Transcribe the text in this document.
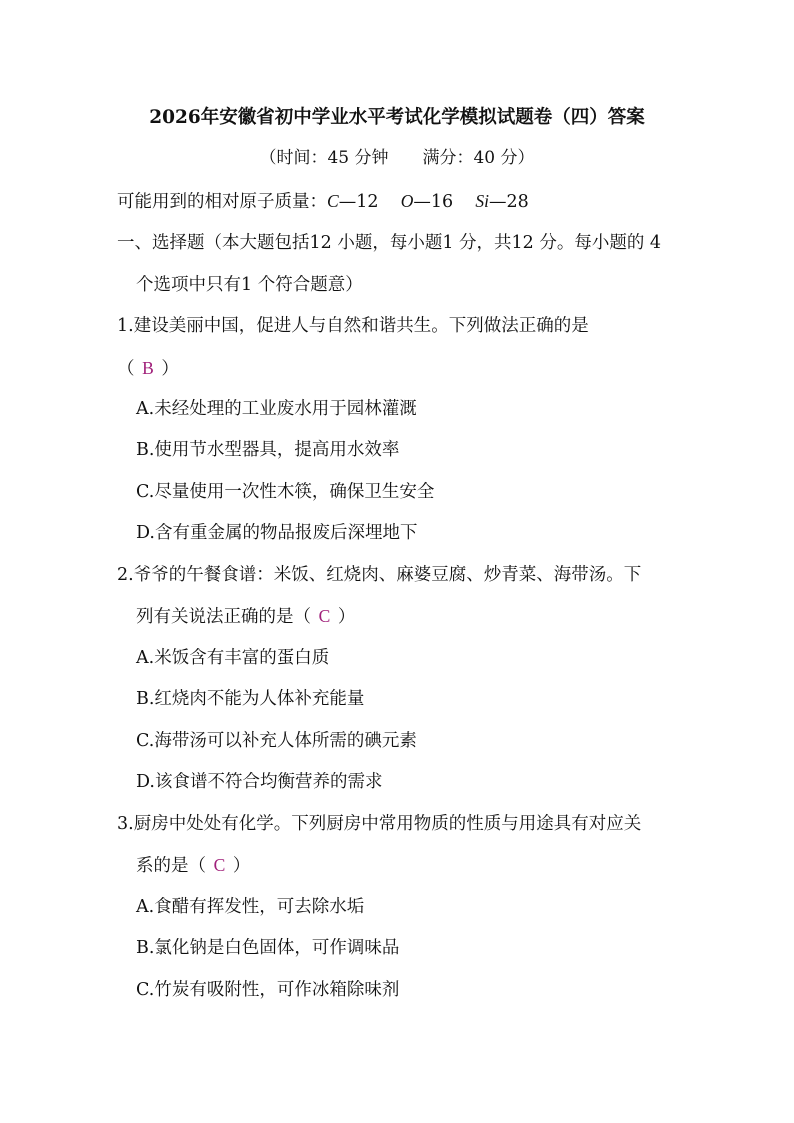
2026年安徽省初中学业水平考试化学模拟试题卷（四）答案
（时间：45 分钟　　满分：40 分）
可能用到的相对原子质量：C—12 O—16 Si—28
一、选择题（本大题包括12 小题，每小题1 分，共12 分。每小题的 4
个选项中只有1 个符合题意）
1.建设美丽中国，促进人与自然和谐共生。下列做法正确的是
（ B ）
A.未经处理的工业废水用于园林灌溉
B.使用节水型器具，提高用水效率
C.尽量使用一次性木筷，确保卫生安全
D.含有重金属的物品报废后深埋地下
2.爷爷的午餐食谱：米饭、红烧肉、麻婆豆腐、炒青菜、海带汤。下
列有关说法正确的是（ C ）
A.米饭含有丰富的蛋白质
B.红烧肉不能为人体补充能量
C.海带汤可以补充人体所需的碘元素
D.该食谱不符合均衡营养的需求
3.厨房中处处有化学。下列厨房中常用物质的性质与用途具有对应关
系的是（ C ）
A.食醋有挥发性，可去除水垢
B.氯化钠是白色固体，可作调味品
C.竹炭有吸附性，可作冰箱除味剂
